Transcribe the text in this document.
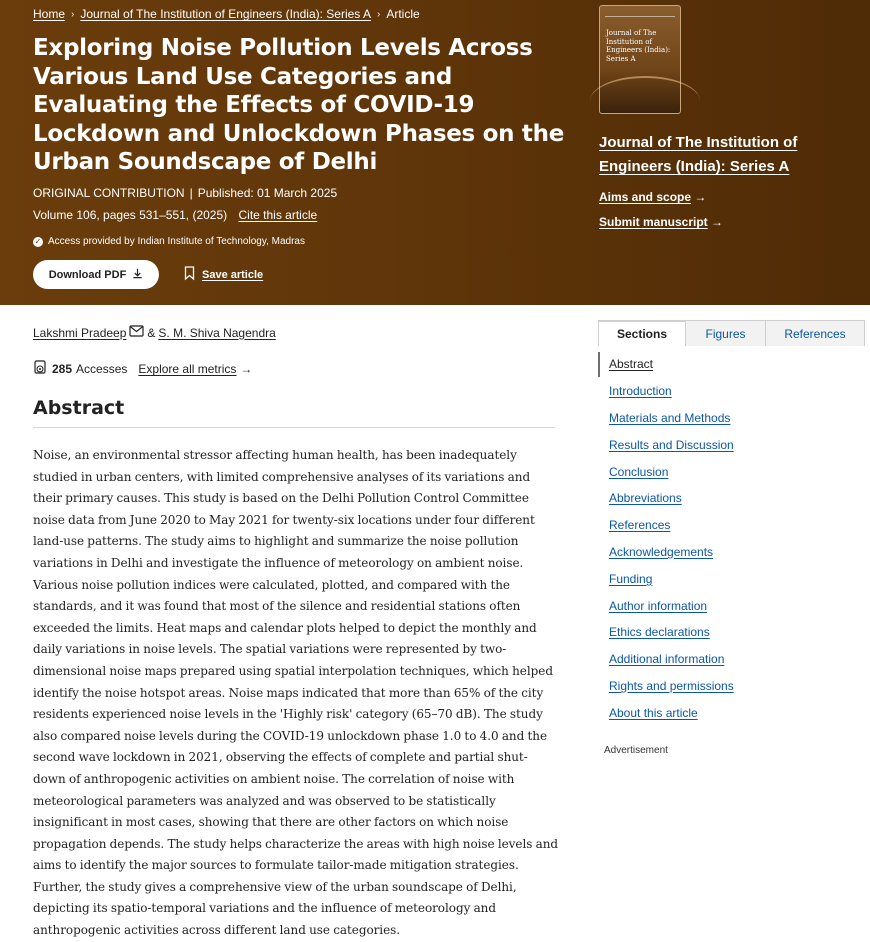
Home › Journal of The Institution of Engineers (India): Series A › Article
Exploring Noise Pollution Levels Across Various Land Use Categories and Evaluating the Effects of COVID-19 Lockdown and Unlockdown Phases on the Urban Soundscape of Delhi
ORIGINAL CONTRIBUTION | Published: 01 March 2025
Volume 106, pages 531–551, (2025) Cite this article
✓ Access provided by Indian Institute of Technology, Madras
Download PDF	Save article
Journal of The Institution of Engineers (India): Series A
Journal of The Institution of Engineers (India): Series A
Aims and scope →
Submit manuscript →
Lakshmi Pradeep & S. M. Shiva Nagendra
285 Accesses Explore all metrics →
Abstract

Noise, an environmental stressor affecting human health, has been inadequately studied in urban centers, with limited comprehensive analyses of its variations and their primary causes. This study is based on the Delhi Pollution Control Committee noise data from June 2020 to May 2021 for twenty-six locations under four different land-use patterns. The study aims to highlight and summarize the noise pollution variations in Delhi and investigate the influence of meteorology on ambient noise. Various noise pollution indices were calculated, plotted, and compared with the standards, and it was found that most of the silence and residential stations often exceeded the limits. Heat maps and calendar plots helped to depict the monthly and daily variations in noise levels. The spatial variations were represented by two-dimensional noise maps prepared using spatial interpolation techniques, which helped identify the noise hotspot areas. Noise maps indicated that more than 65% of the city residents experienced noise levels in the 'Highly risk' category (65–70 dB). The study also compared noise levels during the COVID-19 unlockdown phase 1.0 to 4.0 and the second wave lockdown in 2021, observing the effects of complete and partial shut-down of anthropogenic activities on ambient noise. The correlation of noise with meteorological parameters was analyzed and was observed to be statistically insignificant in most cases, showing that there are other factors on which noise propagation depends. The study helps characterize the areas with high noise levels and aims to identify the major sources to formulate tailor-made mitigation strategies. Further, the study gives a comprehensive view of the urban soundscape of Delhi, depicting its spatio-temporal variations and the influence of meteorology and anthropogenic activities across different land use categories.

Sections	Figures	References
Abstract
Introduction
Materials and Methods
Results and Discussion
Conclusion
Abbreviations
References
Acknowledgements
Funding
Author information
Ethics declarations
Additional information
Rights and permissions
About this article
Advertisement
